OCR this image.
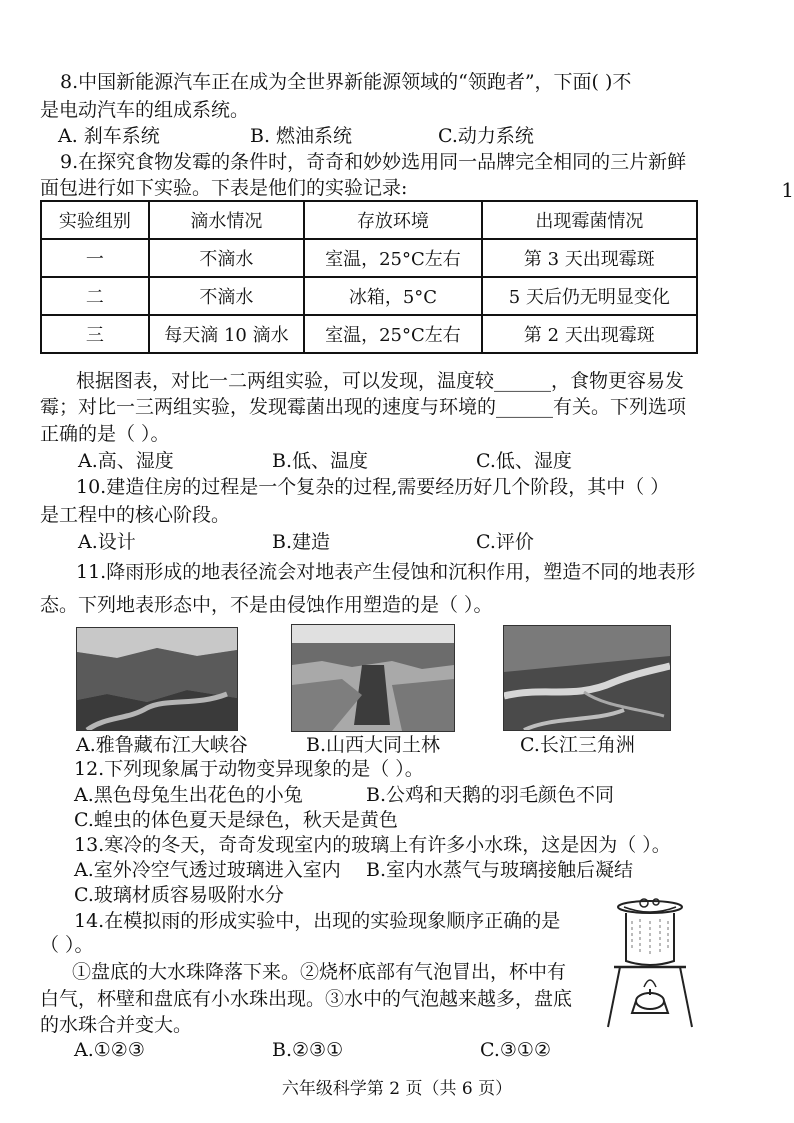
8.中国新能源汽车正在成为全世界新能源领域的“领跑者”，下面( )不
是电动汽车的组成系统。
A. 刹车系统	B. 燃油系统	C.动力系统
9.在探究食物发霉的条件时，奇奇和妙妙选用同一品牌完全相同的三片新鲜
面包进行如下实验。下表是他们的实验记录:	1
实验组别	滴水情况	存放环境	出现霉菌情况
一	不滴水	室温，25°C左右	第 3 天出现霉斑
二	不滴水	冰箱，5°C	5 天后仍无明显变化
三	每天滴 10 滴水	室温，25°C左右	第 2 天出现霉斑
根据图表，对比一二两组实验，可以发现，温度较______，食物更容易发
霉；对比一三两组实验，发现霉菌出现的速度与环境的______有关。下列选项
正确的是（ ）。
A.高、湿度	B.低、温度	C.低、湿度
10.建造住房的过程是一个复杂的过程,需要经历好几个阶段，其中（ ）
是工程中的核心阶段。
A.设计	B.建造	C.评价
11.降雨形成的地表径流会对地表产生侵蚀和沉积作用，塑造不同的地表形
态。下列地表形态中，不是由侵蚀作用塑造的是（ ）。
A.雅鲁藏布江大峡谷	B.山西大同土林	C.长江三角洲
12.下列现象属于动物变异现象的是（ ）。
A.黑色母兔生出花色的小兔	B.公鸡和天鹅的羽毛颜色不同
C.蝗虫的体色夏天是绿色，秋天是黄色
13.寒冷的冬天，奇奇发现室内的玻璃上有许多小水珠，这是因为（ ）。
A.室外冷空气透过玻璃进入室内 B.室内水蒸气与玻璃接触后凝结
C.玻璃材质容易吸附水分
14.在模拟雨的形成实验中，出现的实验现象顺序正确的是
（ ）。
①盘底的大水珠降落下来。②烧杯底部有气泡冒出，杯中有
白气，杯壁和盘底有小水珠出现。③水中的气泡越来越多，盘底
的水珠合并变大。
A.①②③	B.②③①	C.③①②
六年级科学第 2 页（共 6 页）
